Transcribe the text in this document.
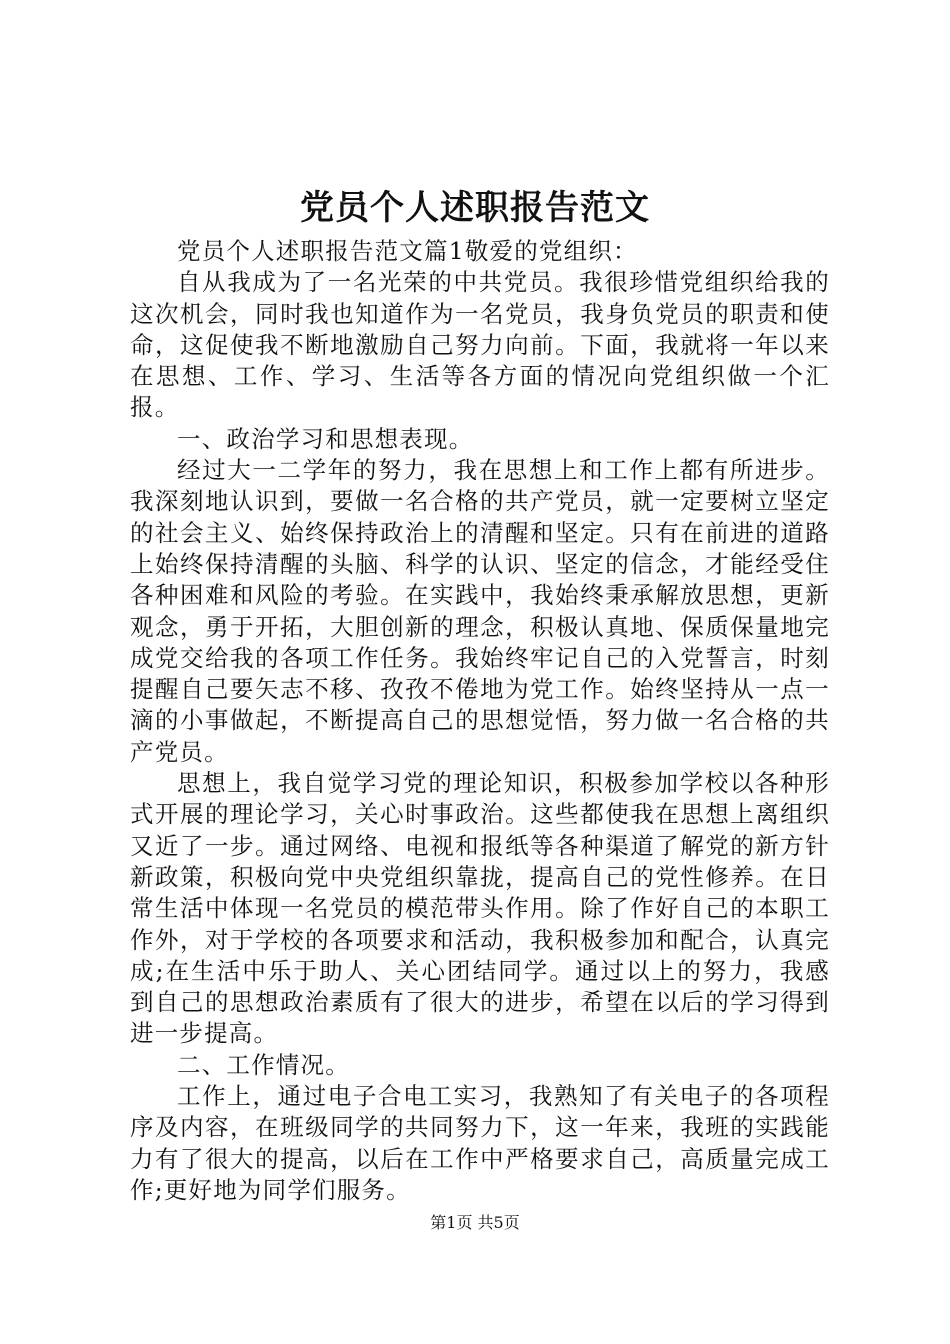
党员个人述职报告范文

党员个人述职报告范文篇1敬爱的党组织：

自从我成为了一名光荣的中共党员。我很珍惜党组织给我的这次机会，同时我也知道作为一名党员，我身负党员的职责和使命，这促使我不断地激励自己努力向前。下面，我就将一年以来在思想、工作、学习、生活等各方面的情况向党组织做一个汇报。

一、政治学习和思想表现。

经过大一二学年的努力，我在思想上和工作上都有所进步。我深刻地认识到，要做一名合格的共产党员，就一定要树立坚定的社会主义、始终保持政治上的清醒和坚定。只有在前进的道路上始终保持清醒的头脑、科学的认识、坚定的信念，才能经受住各种困难和风险的考验。在实践中，我始终秉承解放思想，更新观念，勇于开拓，大胆创新的理念，积极认真地、保质保量地完成党交给我的各项工作任务。我始终牢记自己的入党誓言，时刻提醒自己要矢志不移、孜孜不倦地为党工作。始终坚持从一点一滴的小事做起，不断提高自己的思想觉悟，努力做一名合格的共产党员。

思想上，我自觉学习党的理论知识，积极参加学校以各种形式开展的理论学习，关心时事政治。这些都使我在思想上离组织又近了一步。通过网络、电视和报纸等各种渠道了解党的新方针新政策，积极向党中央党组织靠拢，提高自己的党性修养。在日常生活中体现一名党员的模范带头作用。除了作好自己的本职工作外，对于学校的各项要求和活动，我积极参加和配合，认真完成;在生活中乐于助人、关心团结同学。通过以上的努力，我感到自己的思想政治素质有了很大的进步，希望在以后的学习得到进一步提高。

二、工作情况。

工作上，通过电子合电工实习，我熟知了有关电子的各项程序及内容，在班级同学的共同努力下，这一年来，我班的实践能力有了很大的提高，以后在工作中严格要求自己，高质量完成工作;更好地为同学们服务。

第1页 共5页
